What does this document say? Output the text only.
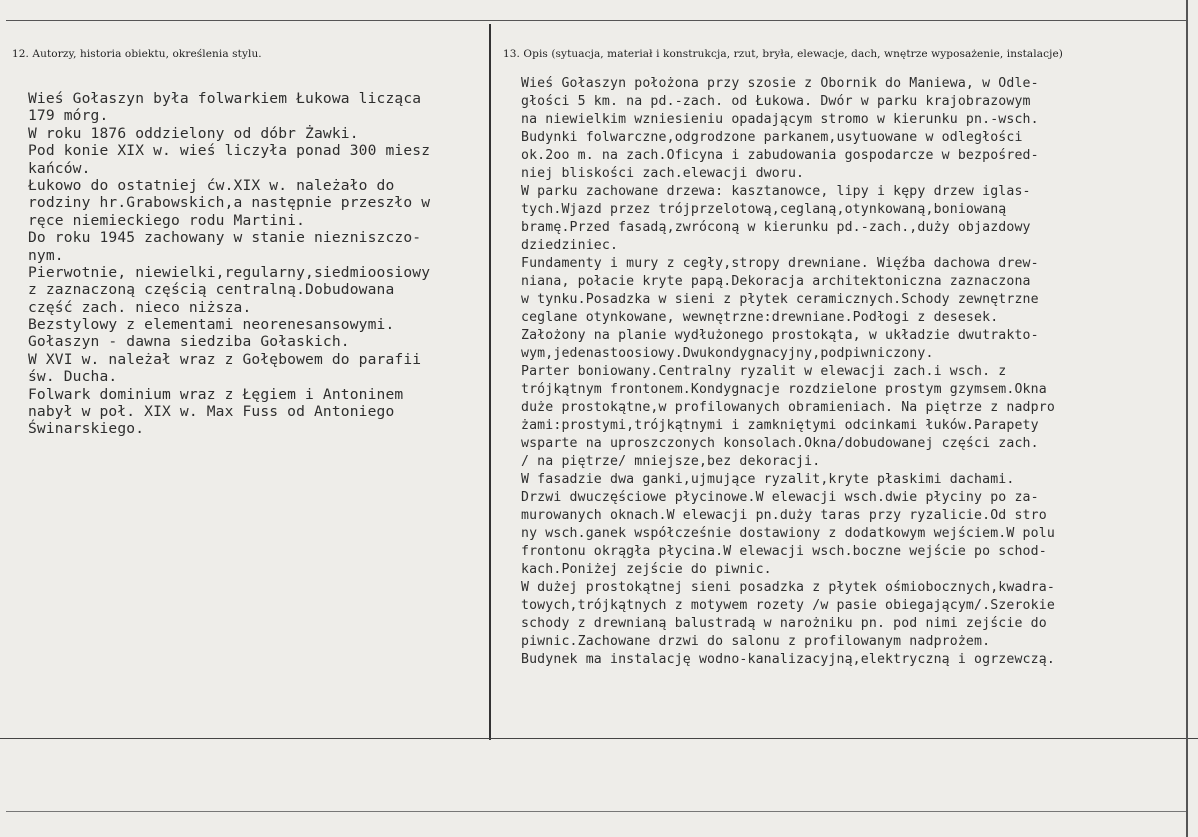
12. Autorzy, historia obiektu, określenia stylu.	13. Opis (sytuacja, materiał i konstrukcja, rzut, bryła, elewacje, dach, wnętrze wyposażenie, instalacje)
Wieś Gołaszyn była folwarkiem Łukowa licząca
179 mórg.
W roku 1876 oddzielony od dóbr Żawki.
Pod konie XIX w. wieś liczyła ponad 300 miesz
kańców.
Łukowo do ostatniej ćw.XIX w. należało do
rodziny hr.Grabowskich,a następnie przeszło w
ręce niemieckiego rodu Martini.
Do roku 1945 zachowany w stanie niezniszczo-
nym.
Pierwotnie, niewielki,regularny,siedmioosiowy
z zaznaczoną częścią centralną.Dobudowana
część zach. nieco niższa.
Bezstylowy z elementami neorenesansowymi.
Gołaszyn - dawna siedziba Gołaskich.
W XVI w. należał wraz z Gołębowem do parafii
św. Ducha.
Folwark dominium wraz z Łęgiem i Antoninem
nabył w poł. XIX w. Max Fuss od Antoniego
Świnarskiego.
Wieś Gołaszyn położona przy szosie z Obornik do Maniewa, w Odle-
głości 5 km. na pd.-zach. od Łukowa. Dwór w parku krajobrazowym
na niewielkim wzniesieniu opadającym stromo w kierunku pn.-wsch.
Budynki folwarczne,odgrodzone parkanem,usytuowane w odległości
ok.2oo m. na zach.Oficyna i zabudowania gospodarcze w bezpośred-
niej bliskości zach.elewacji dworu.
W parku zachowane drzewa: kasztanowce, lipy i kępy drzew iglas-
tych.Wjazd przez trójprzelotową,ceglaną,otynkowaną,boniowaną
bramę.Przed fasadą,zwróconą w kierunku pd.-zach.,duży objazdowy
dziedziniec.
Fundamenty i mury z cegły,stropy drewniane. Więźba dachowa drew-
niana, połacie kryte papą.Dekoracja architektoniczna zaznaczona
w tynku.Posadzka w sieni z płytek ceramicznych.Schody zewnętrzne
ceglane otynkowane, wewnętrzne:drewniane.Podłogi z desesek.
Założony na planie wydłużonego prostokąta, w układzie dwutrakto-
wym,jedenastoosiowy.Dwukondygnacyjny,podpiwniczony.
Parter boniowany.Centralny ryzalit w elewacji zach.i wsch. z
trójkątnym frontonem.Kondygnacje rozdzielone prostym gzymsem.Okna
duże prostokątne,w profilowanych obramieniach. Na piętrze z nadpro
żami:prostymi,trójkątnymi i zamkniętymi odcinkami łuków.Parapety
wsparte na uproszczonych konsolach.Okna/dobudowanej części zach.
/ na piętrze/ mniejsze,bez dekoracji.
W fasadzie dwa ganki,ujmujące ryzalit,kryte płaskimi dachami.
Drzwi dwuczęściowe płycinowe.W elewacji wsch.dwie płyciny po za-
murowanych oknach.W elewacji pn.duży taras przy ryzalicie.Od stro
ny wsch.ganek współcześnie dostawiony z dodatkowym wejściem.W polu
frontonu okrągła płycina.W elewacji wsch.boczne wejście po schod-
kach.Poniżej zejście do piwnic.
W dużej prostokątnej sieni posadzka z płytek ośmiobocznych,kwadra-
towych,trójkątnych z motywem rozety /w pasie obiegającym/.Szerokie
schody z drewnianą balustradą w narożniku pn. pod nimi zejście do
piwnic.Zachowane drzwi do salonu z profilowanym nadprożem.
Budynek ma instalację wodno-kanalizacyjną,elektryczną i ogrzewczą.
